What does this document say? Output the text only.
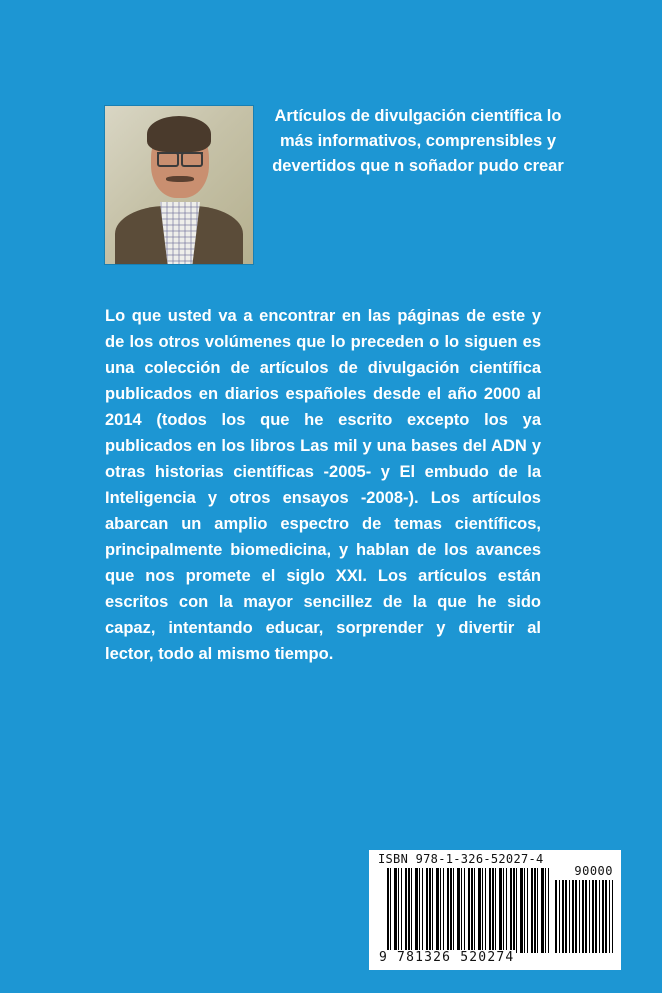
Artículos de divulgación científica lo más informativos, comprensibles y devertidos que n soñador pudo crear

Lo que usted va a encontrar en las páginas de este y de los otros volúmenes que lo preceden o lo siguen es una colección de artículos de divulgación científica publicados en diarios españoles desde el año 2000 al 2014 (todos los que he escrito excepto los ya publicados en los libros Las mil y una bases del ADN y otras historias científicas -2005- y El embudo de la Inteligencia y otros ensayos -2008-). Los artículos abarcan un amplio espectro de temas científicos, principalmente biomedicina, y hablan de los avances que nos promete el siglo XXI. Los artículos están escritos con la mayor sencillez de la que he sido capaz, intentando educar, sorprender y divertir al lector, todo al mismo tiempo.

ISBN 978-1-326-52027-4
90000
9 781326 520274
